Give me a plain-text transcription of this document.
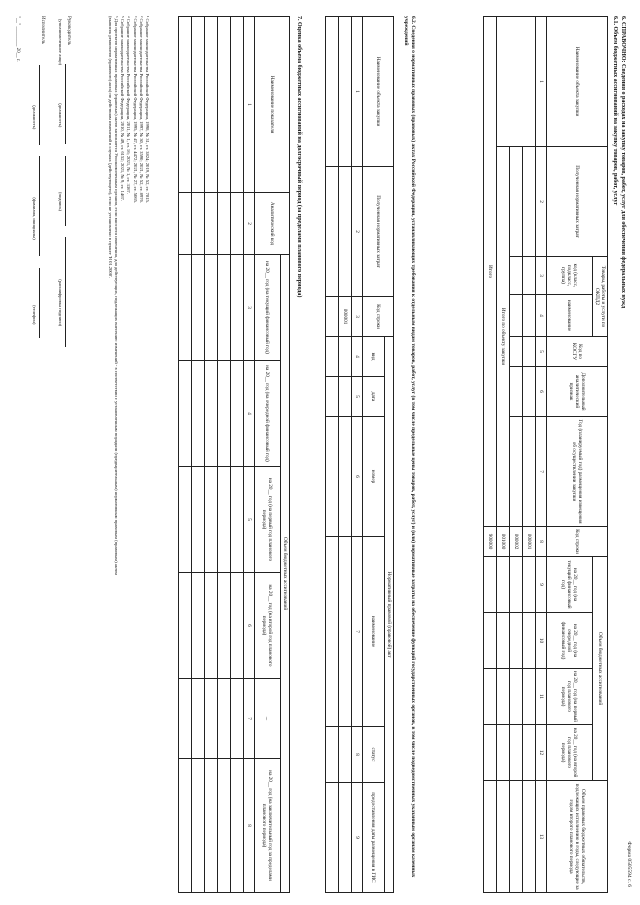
Форма 0505594 с. 6
6. СПРАВОЧНО: Сведения о расходах на закупку товаров, работ, услуг для обеспечения федеральных нужд
6.1. Объем бюджетных ассигнований на закупку товаров, работ, услуг
Наименование объекта закупки	Полученная нормативных затрат	Товары, работы и услуги по ОКПД2		Код по КОСГУ	Дополнительный аналитический признак	Год (планируемый год) размещения извещения об осуществлении закупки	Код строки	Объем бюджетных ассигнований				Объем правовых бюджетных обязательств, подлежащих исполнению в годы, следующие за годом второго планового периода
		код (класс, подкласс, группа)	наименование					на 20__ год (на текущий финансовый год)	на 20__ год (на очередной финансовый год)	на 20__ год (на первый год планового периода)	на 20__ год (на второй год планового периода)	
1	2	3	4	5	6	7	8	9	10	11	12	13
							000001					
							000002					
	Итого по объекту закупки						001000					
Итого							900000					
6.2. Сведения о нормативных правовых (правовых) актах Российской Федерации, устанавливающих требования к отдельным видам товаров, работ, услуг (в том числе предельные цены товаров, работ, услуг) и (или) нормативные затраты на обеспечение функций государственных органов, в том числе подведомственных указанным органам казенных учреждений
Наименование объекта закупки	Полученная нормативных затрат	Код строки	Нормативный правовой (правовой) акт					
			вид	дата	номер	наименование	статус	предоставления даты размещения в ГИС
1	2	3	4	5	6	7	8	9
		000001						

7. Оценка объема бюджетных ассигнований на долгосрочный период (за пределами планового периода)
Наименование показателя	Аналитический код	Объем бюджетных ассигнований					
		на 20__ год (на текущий финансовый год)	на 20__ год (на очередной финансовый год)	на 20__ год (на первый год планового периода)	на 20__ год (на второй год планового периода)	...	на 20__ год (на заключительный год за пределами планового периода)
1	2	3	4	5	6	7	8

¹ Собрание законодательства Российской Федерации, 1998, № 31, ст. 3824; 2019, № 52, ст. 7815.
² Собрание законодательства Российской Федерации, 1997, № 30, ст. 3590; 2021, № 52, ст. 8976.
³ Собрание законодательства Российской Федерации, 1995, № 47, ст. 4472; 2021, № 27, ст. 5065.
⁴ Собрание законодательства Российской Федерации, 2011, № 1, ст. 16; 2021, № 1, ст. 3367.
⁵ Собрание законодательства Российской Федерации, 2010, № 49, ст. 6152; 2021, № 9, ст. 1467.
⁶ Для проектов нормативных правовых (правовых) актов заполняется Уполномоченным органом, если вносятся изменения, для действующих, подлежащих внесению изменений - в соответствии с установленным порядком (предварительным) нормативным правовым (правовым) актом
(выписок реквизитов (правового) акта) по действиям изменений в случаях (действующего), если не установлено в пункте 'Н 01.2008'.
Руководитель
(уполномоченное лицо) (должность) (подпись) (расшифровка подписи)
Исполнитель
(должность) (фамилия, инициалы) (телефон)
"__" ________ 20__ г.
